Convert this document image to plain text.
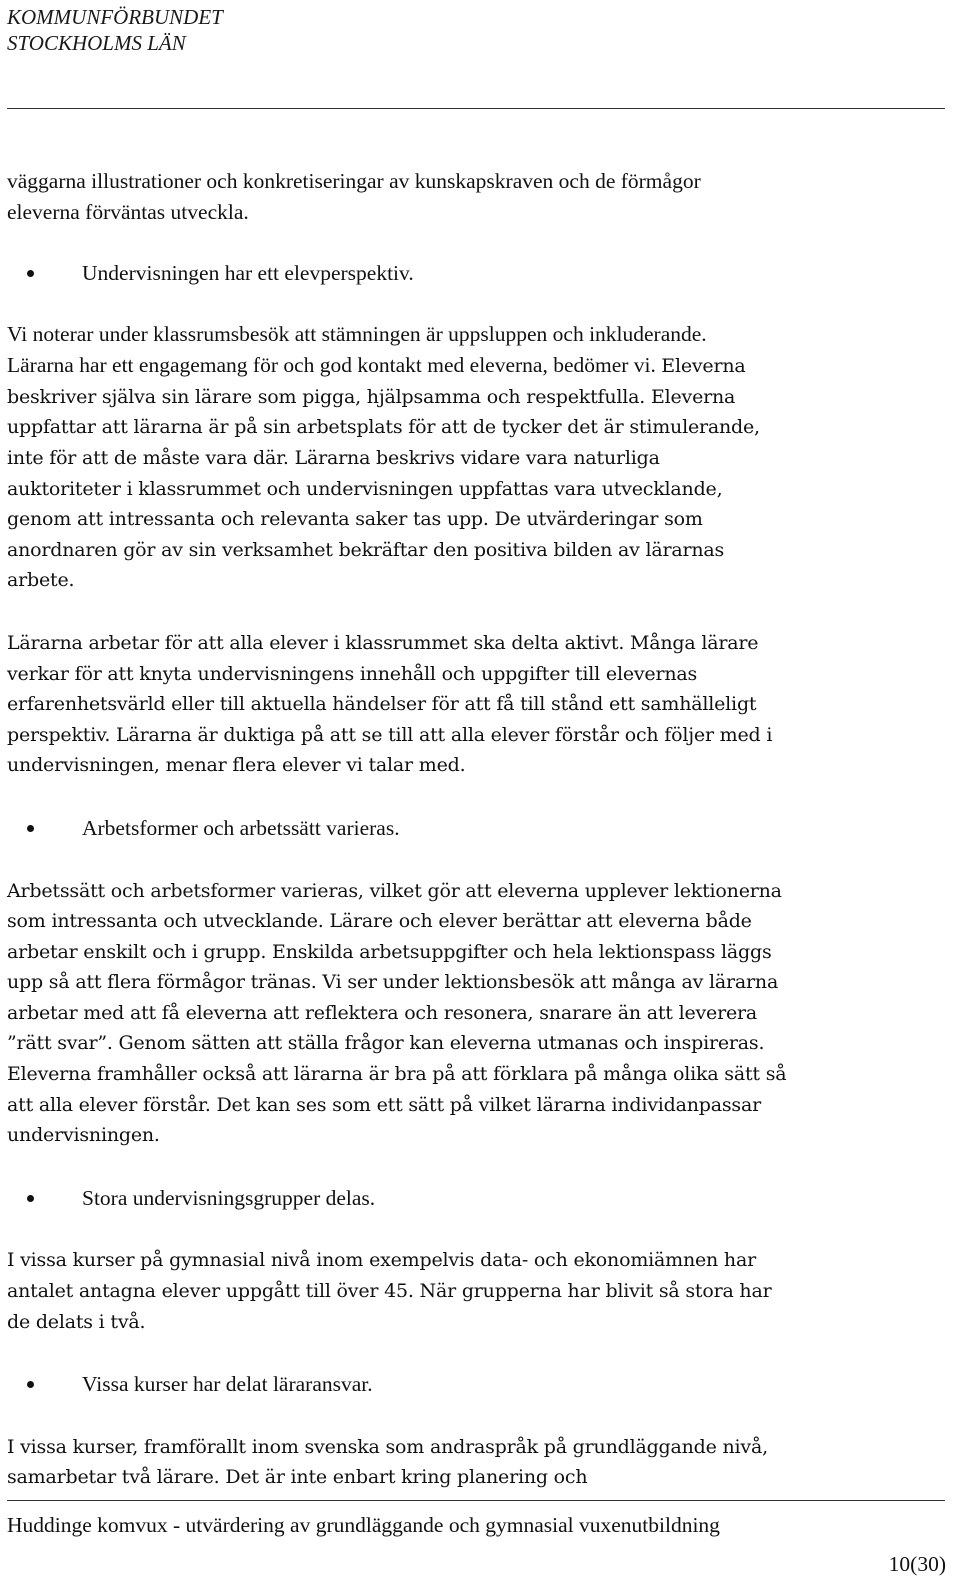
KOMMUNFÖRBUNDET
STOCKHOLMS LÄN

väggarna illustrationer och konkretiseringar av kunskapskraven och de förmågor eleverna förväntas utveckla.

Undervisningen har ett elevperspektiv.

Vi noterar under klassrumsbesök att stämningen är uppsluppen och inkluderande. Lärarna har ett engagemang för och god kontakt med eleverna, bedömer vi. Eleverna beskriver själva sin lärare som pigga, hjälpsamma och respektfulla. Eleverna uppfattar att lärarna är på sin arbetsplats för att de tycker det är stimulerande, inte för att de måste vara där. Lärarna beskrivs vidare vara naturliga auktoriteter i klassrummet och undervisningen uppfattas vara utvecklande, genom att intressanta och relevanta saker tas upp. De utvärderingar som anordnaren gör av sin verksamhet bekräftar den positiva bilden av lärarnas arbete.

Lärarna arbetar för att alla elever i klassrummet ska delta aktivt. Många lärare verkar för att knyta undervisningens innehåll och uppgifter till elevernas erfarenhetsvärld eller till aktuella händelser för att få till stånd ett samhälleligt perspektiv. Lärarna är duktiga på att se till att alla elever förstår och följer med i undervisningen, menar flera elever vi talar med.

Arbetsformer och arbetssätt varieras.

Arbetssätt och arbetsformer varieras, vilket gör att eleverna upplever lektionerna som intressanta och utvecklande. Lärare och elever berättar att eleverna både arbetar enskilt och i grupp. Enskilda arbetsuppgifter och hela lektionspass läggs upp så att flera förmågor tränas. Vi ser under lektionsbesök att många av lärarna arbetar med att få eleverna att reflektera och resonera, snarare än att leverera ”rätt svar”. Genom sätten att ställa frågor kan eleverna utmanas och inspireras. Eleverna framhåller också att lärarna är bra på att förklara på många olika sätt så att alla elever förstår. Det kan ses som ett sätt på vilket lärarna individanpassar undervisningen.

Stora undervisningsgrupper delas.

I vissa kurser på gymnasial nivå inom exempelvis data- och ekonomiämnen har antalet antagna elever uppgått till över 45. När grupperna har blivit så stora har de delats i två.

Vissa kurser har delat läraransvar.

I vissa kurser, framförallt inom svenska som andraspråk på grundläggande nivå, samarbetar två lärare. Det är inte enbart kring planering och

Huddinge komvux - utvärdering av grundläggande och gymnasial vuxenutbildning
10(30)
